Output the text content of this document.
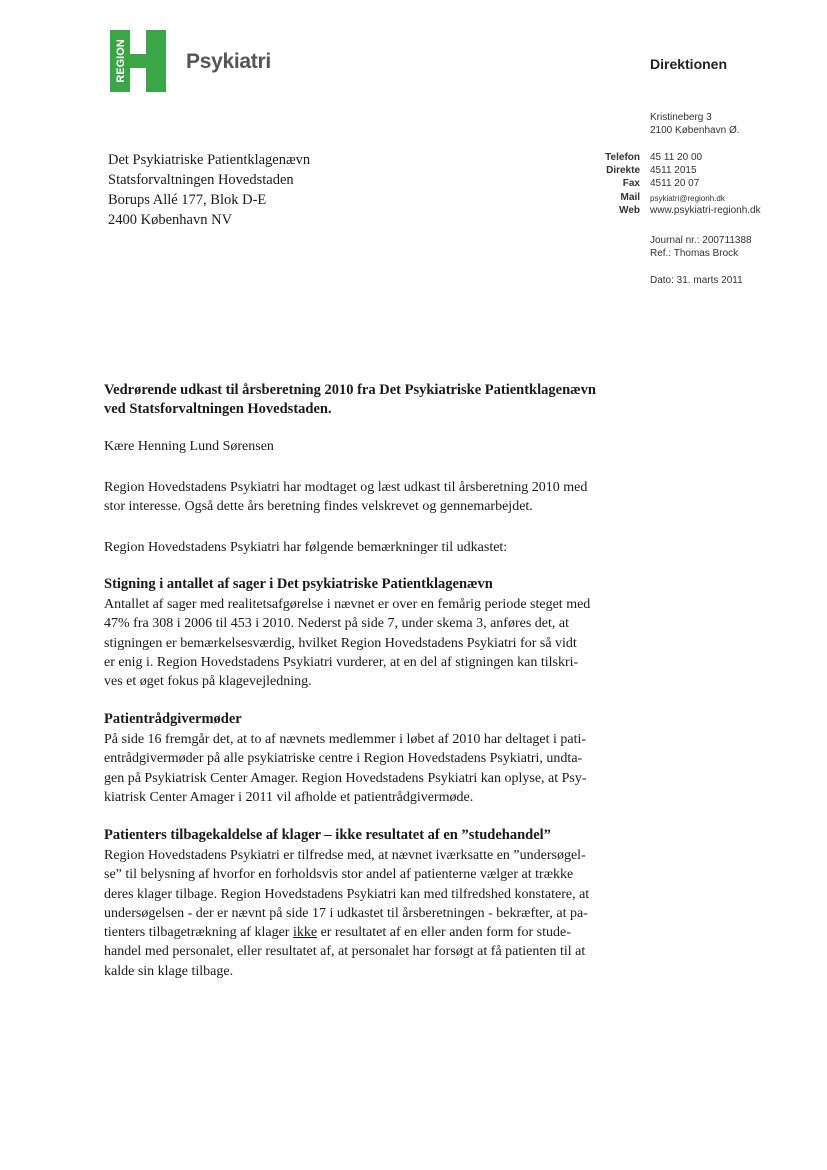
REGION	Psykiatri	Direktionen
Kristineberg 3
2100 København Ø.
Telefon 45 11 20 00
Direkte 4511 2015
Fax 4511 20 07
Mail psykiatri@regionh.dk
Web www.psykiatri-regionh.dk
Journal nr.: 200711388
Ref.: Thomas Brock
Dato: 31. marts 2011
Det Psykiatriske Patientklagenævn
Statsforvaltningen Hovedstaden
Borups Allé 177, Blok D-E
2400 København NV
Vedrørende udkast til årsberetning 2010 fra Det Psykiatriske Patientklagenævn
ved Statsforvaltningen Hovedstaden.
Kære Henning Lund Sørensen
Region Hovedstadens Psykiatri har modtaget og læst udkast til årsberetning 2010 med
stor interesse. Også dette års beretning findes velskrevet og gennemarbejdet.
Region Hovedstadens Psykiatri har følgende bemærkninger til udkastet:
Stigning i antallet af sager i Det psykiatriske Patientklagenævn
Antallet af sager med realitetsafgørelse i nævnet er over en femårig periode steget med
47% fra 308 i 2006 til 453 i 2010. Nederst på side 7, under skema 3, anføres det, at
stigningen er bemærkelsesværdig, hvilket Region Hovedstadens Psykiatri for så vidt
er enig i. Region Hovedstadens Psykiatri vurderer, at en del af stigningen kan tilskri-
ves et øget fokus på klagevejledning.
Patientrådgivermøder
På side 16 fremgår det, at to af nævnets medlemmer i løbet af 2010 har deltaget i pati-
entrådgivermøder på alle psykiatriske centre i Region Hovedstadens Psykiatri, undta-
gen på Psykiatrisk Center Amager. Region Hovedstadens Psykiatri kan oplyse, at Psy-
kiatrisk Center Amager i 2011 vil afholde et patientrådgivermøde.
Patienters tilbagekaldelse af klager – ikke resultatet af en ”studehandel”
Region Hovedstadens Psykiatri er tilfredse med, at nævnet iværksatte en ”undersøgel-
se” til belysning af hvorfor en forholdsvis stor andel af patienterne vælger at trække
deres klager tilbage. Region Hovedstadens Psykiatri kan med tilfredshed konstatere, at
undersøgelsen - der er nævnt på side 17 i udkastet til årsberetningen - bekræfter, at pa-
tienters tilbagetrækning af klager ikke er resultatet af en eller anden form for stude-
handel med personalet, eller resultatet af, at personalet har forsøgt at få patienten til at
kalde sin klage tilbage.
